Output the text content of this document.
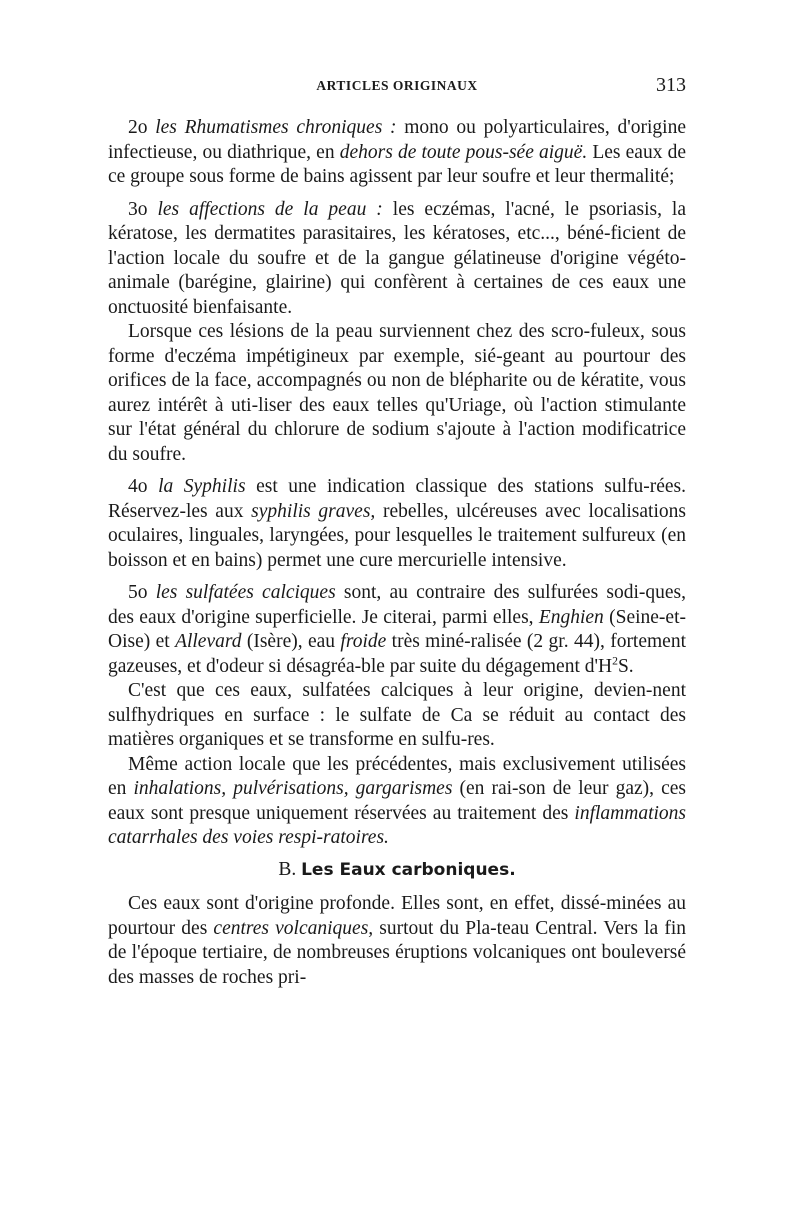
ARTICLES ORIGINAUX	313

2o les Rhumatismes chroniques : mono ou polyarticulaires, d'origine infectieuse, ou diathrique, en dehors de toute pous-sée aiguë. Les eaux de ce groupe sous forme de bains agissent par leur soufre et leur thermalité;

3o les affections de la peau : les eczémas, l'acné, le psoriasis, la kératose, les dermatites parasitaires, les kératoses, etc..., béné-ficient de l'action locale du soufre et de la gangue gélatineuse d'origine végéto-animale (barégine, glairine) qui confèrent à certaines de ces eaux une onctuosité bienfaisante.

Lorsque ces lésions de la peau surviennent chez des scro-fuleux, sous forme d'eczéma impétigineux par exemple, sié-geant au pourtour des orifices de la face, accompagnés ou non de blépharite ou de kératite, vous aurez intérêt à uti-liser des eaux telles qu'Uriage, où l'action stimulante sur l'état général du chlorure de sodium s'ajoute à l'action modificatrice du soufre.

4o la Syphilis est une indication classique des stations sulfu-rées. Réservez-les aux syphilis graves, rebelles, ulcéreuses avec localisations oculaires, linguales, laryngées, pour lesquelles le traitement sulfureux (en boisson et en bains) permet une cure mercurielle intensive.

5o les sulfatées calciques sont, au contraire des sulfurées sodi-ques, des eaux d'origine superficielle. Je citerai, parmi elles, Enghien (Seine-et-Oise) et Allevard (Isère), eau froide très miné-ralisée (2 gr. 44), fortement gazeuses, et d'odeur si désagréa-ble par suite du dégagement $d'H^2S$.

C'est que ces eaux, sulfatées calciques à leur origine, devien-nent sulfhydriques en surface : le sulfate de Ca se réduit au contact des matières organiques et se transforme en sulfu-res.

Même action locale que les précédentes, mais exclusivement utilisées en inhalations, pulvérisations, gargarismes (en rai-son de leur gaz), ces eaux sont presque uniquement réservées au traitement des inflammations catarrhales des voies respi-ratoires.

B. Les Eaux carboniques.

Ces eaux sont d'origine profonde. Elles sont, en effet, dissé-minées au pourtour des centres volcaniques, surtout du Pla-teau Central. Vers la fin de l'époque tertiaire, de nombreuses éruptions volcaniques ont bouleversé des masses de roches pri-
